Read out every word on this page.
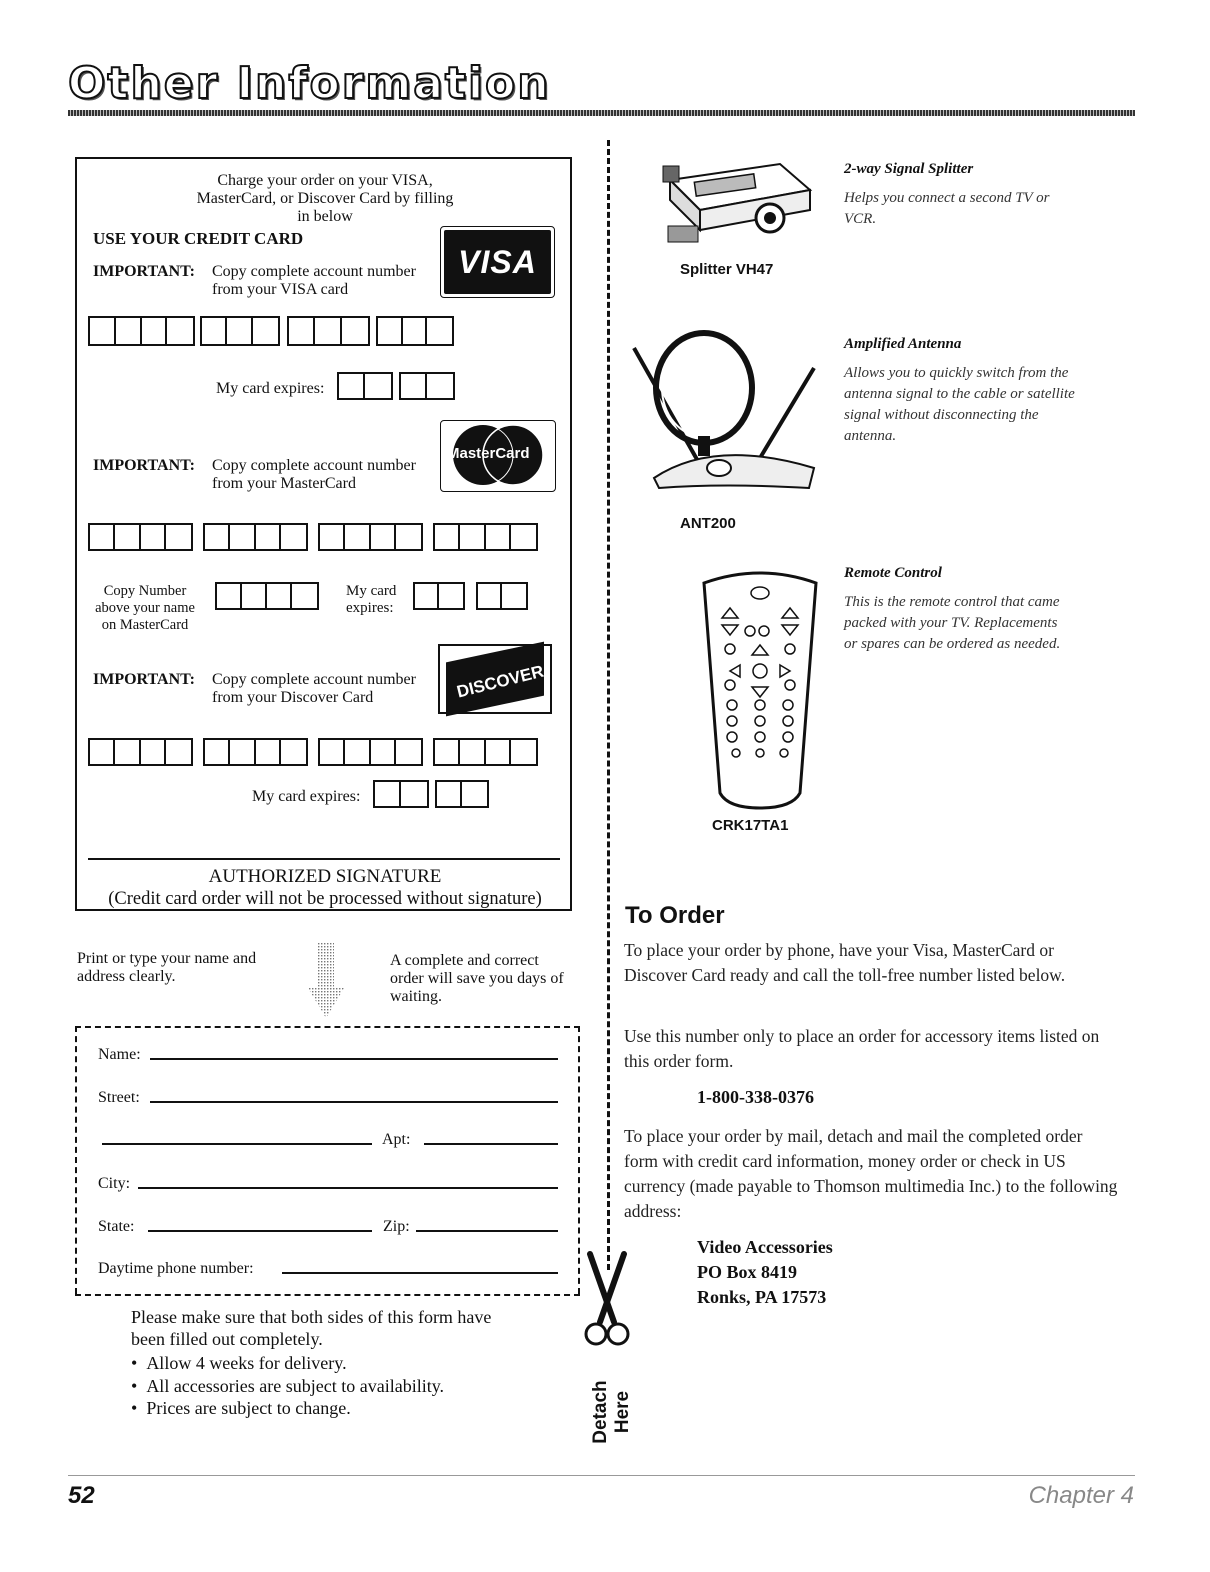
Other Information
Charge your order on your VISA, MasterCard, or Discover Card by filling in below
USE YOUR CREDIT CARD
IMPORTANT: Copy complete account number from your VISA card
VISA
My card expires:
IMPORTANT: Copy complete account number from your MasterCard
MasterCard
Copy Number above your name on MasterCard
My card expires:
IMPORTANT: Copy complete account number from your Discover Card	DISCOVER
My card expires:
AUTHORIZED SIGNATURE
(Credit card order will not be processed without signature)
Print or type your name and address clearly.
A complete and correct order will save you days of waiting.
Name:
Street:
Apt:
City:
State:	Zip:
Daytime phone number:
Please make sure that both sides of this form have been filled out completely.
•  Allow 4 weeks for delivery.
•  All accessories are subject to availability.
•  Prices are subject to change.	Detach Here
Splitter VH47
2-way Signal Splitter
Helps you connect a second TV or VCR.
ANT200
Amplified Antenna
Allows you to quickly switch from the antenna signal to the cable or satellite signal without disconnecting the antenna.
CRK17TA1
Remote Control
This is the remote control that came packed with your TV. Replacements or spares can be ordered as needed.
To Order
To place your order by phone, have your Visa, MasterCard or Discover Card ready and call the toll-free number listed below.
Use this number only to place an order for accessory items listed on this order form.
1-800-338-0376
To place your order by mail, detach and mail the completed order form with credit card information, money order or check in US currency (made payable to Thomson multimedia Inc.) to the following address:
Video Accessories
PO Box 8419
Ronks, PA 17573
52	Chapter 4
